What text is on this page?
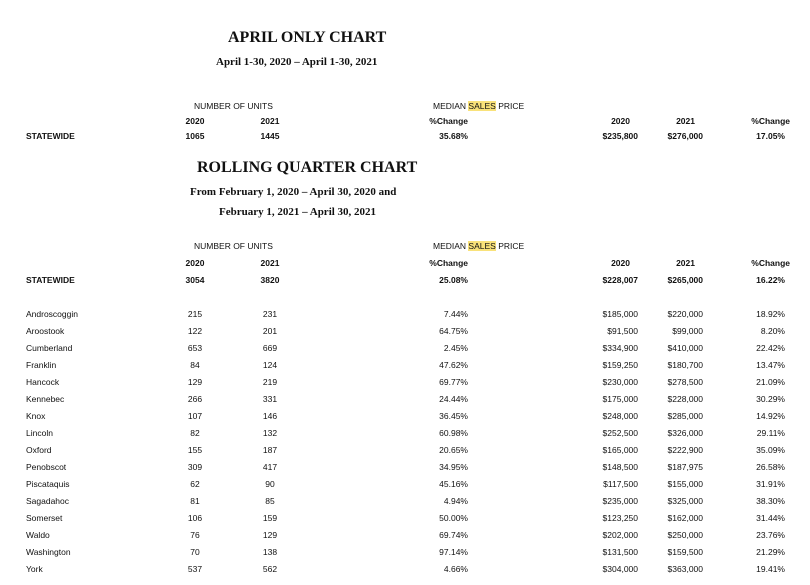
APRIL ONLY CHART
April 1-30, 2020 – April 1-30, 2021
NUMBER OF UNITS	MEDIAN SALES PRICE
2020	2021	%Change	2020	2021	%Change
STATEWIDE	1065	1445	35.68%	$235,800	$276,000	17.05%
ROLLING QUARTER CHART
From February 1, 2020 – April 30, 2020 and
February 1, 2021 – April 30, 2021
NUMBER OF UNITS	MEDIAN SALES PRICE
2020	2021	%Change	2020	2021	%Change
STATEWIDE	3054	3820	25.08%	$228,007	$265,000	16.22%
Androscoggin	215	231	7.44%	$185,000	$220,000	18.92%
Aroostook	122	201	64.75%	$91,500	$99,000	8.20%
Cumberland	653	669	2.45%	$334,900	$410,000	22.42%
Franklin	84	124	47.62%	$159,250	$180,700	13.47%
Hancock	129	219	69.77%	$230,000	$278,500	21.09%
Kennebec	266	331	24.44%	$175,000	$228,000	30.29%
Knox	107	146	36.45%	$248,000	$285,000	14.92%
Lincoln	82	132	60.98%	$252,500	$326,000	29.11%
Oxford	155	187	20.65%	$165,000	$222,900	35.09%
Penobscot	309	417	34.95%	$148,500	$187,975	26.58%
Piscataquis	62	90	45.16%	$117,500	$155,000	31.91%
Sagadahoc	81	85	4.94%	$235,000	$325,000	38.30%
Somerset	106	159	50.00%	$123,250	$162,000	31.44%
Waldo	76	129	69.74%	$202,000	$250,000	23.76%
Washington	70	138	97.14%	$131,500	$159,500	21.29%
York	537	562	4.66%	$304,000	$363,000	19.41%
